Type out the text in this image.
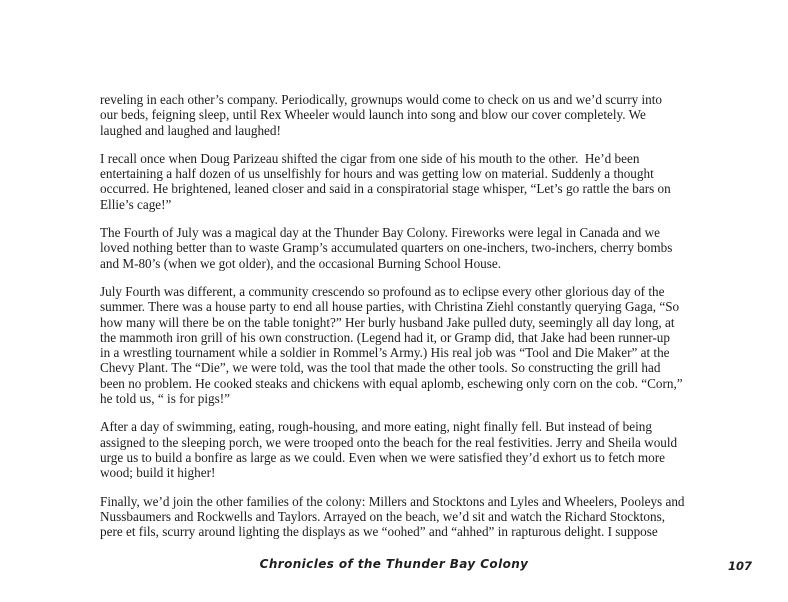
reveling in each other’s company. Periodically, grownups would come to check on us and we’d scurry into
our beds, feigning sleep, until Rex Wheeler would launch into song and blow our cover completely. We
laughed and laughed and laughed!

I recall once when Doug Parizeau shifted the cigar from one side of his mouth to the other.  He’d been
entertaining a half dozen of us unselfishly for hours and was getting low on material. Suddenly a thought
occurred. He brightened, leaned closer and said in a conspiratorial stage whisper, “Let’s go rattle the bars on
Ellie’s cage!”

The Fourth of July was a magical day at the Thunder Bay Colony. Fireworks were legal in Canada and we
loved nothing better than to waste Gramp’s accumulated quarters on one-inchers, two-inchers, cherry bombs
and M-80’s (when we got older), and the occasional Burning School House.

July Fourth was different, a community crescendo so profound as to eclipse every other glorious day of the
summer. There was a house party to end all house parties, with Christina Ziehl constantly querying Gaga, “So
how many will there be on the table tonight?” Her burly husband Jake pulled duty, seemingly all day long, at
the mammoth iron grill of his own construction. (Legend had it, or Gramp did, that Jake had been runner-up
in a wrestling tournament while a soldier in Rommel’s Army.) His real job was “Tool and Die Maker” at the
Chevy Plant. The “Die”, we were told, was the tool that made the other tools. So constructing the grill had
been no problem. He cooked steaks and chickens with equal aplomb, eschewing only corn on the cob. “Corn,”
he told us, “ is for pigs!”

After a day of swimming, eating, rough-housing, and more eating, night finally fell. But instead of being
assigned to the sleeping porch, we were trooped onto the beach for the real festivities. Jerry and Sheila would
urge us to build a bonfire as large as we could. Even when we were satisfied they’d exhort us to fetch more
wood; build it higher!

Finally, we’d join the other families of the colony: Millers and Stocktons and Lyles and Wheelers, Pooleys and
Nussbaumers and Rockwells and Taylors. Arrayed on the beach, we’d sit and watch the Richard Stocktons,
pere et fils, scurry around lighting the displays as we “oohed” and “ahhed” in rapturous delight. I suppose

Chronicles of the Thunder Bay Colony	107
